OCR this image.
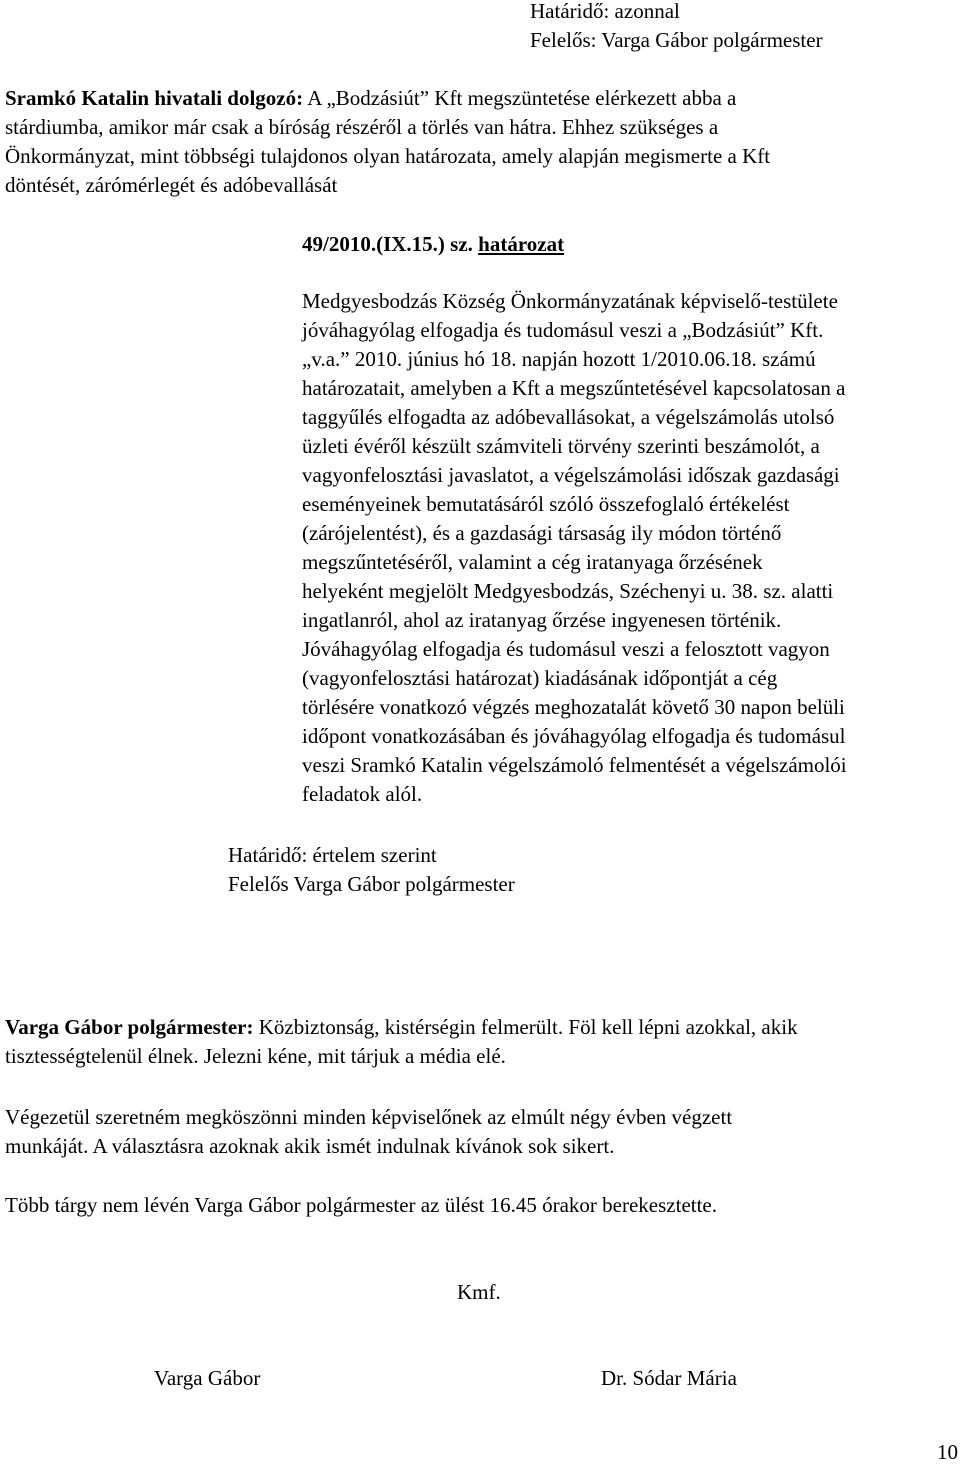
Határidő: azonnal
Felelős: Varga Gábor polgármester
Sramkó Katalin hivatali dolgozó: A „Bodzásiút” Kft megszüntetése elérkezett abba a
stárdiumba, amikor már csak a bíróság részéről a törlés van hátra. Ehhez szükséges a
Önkormányzat, mint többségi tulajdonos olyan határozata, amely alapján megismerte a Kft
döntését, zárómérlegét és adóbevallását
49/2010.(IX.15.) sz. határozat
Medgyesbodzás Község Önkormányzatának képviselő-testülete
jóváhagyólag elfogadja és tudomásul veszi a „Bodzásiút” Kft.
„v.a.” 2010. június hó 18. napján hozott 1/2010.06.18. számú
határozatait, amelyben a Kft a megszűntetésével kapcsolatosan a
taggyűlés elfogadta az adóbevallásokat, a végelszámolás utolsó
üzleti évéről készült számviteli törvény szerinti beszámolót, a
vagyonfelosztási javaslatot, a végelszámolási időszak gazdasági
eseményeinek bemutatásáról szóló összefoglaló értékelést
(zárójelentést), és a gazdasági társaság ily módon történő
megszűntetéséről, valamint a cég iratanyaga őrzésének
helyeként megjelölt Medgyesbodzás, Széchenyi u. 38. sz. alatti
ingatlanról, ahol az iratanyag őrzése ingyenesen történik.
Jóváhagyólag elfogadja és tudomásul veszi a felosztott vagyon
(vagyonfelosztási határozat) kiadásának időpontját a cég
törlésére vonatkozó végzés meghozatalát követő 30 napon belüli
időpont vonatkozásában és jóváhagyólag elfogadja és tudomásul
veszi Sramkó Katalin végelszámoló felmentését a végelszámolói
feladatok alól.
Határidő: értelem szerint
Felelős Varga Gábor polgármester
Varga Gábor polgármester: Közbiztonság, kistérségin felmerült. Föl kell lépni azokkal, akik
tisztességtelenül élnek. Jelezni kéne, mit tárjuk a média elé.
Végezetül szeretném megköszönni minden képviselőnek az elmúlt négy évben végzett
munkáját. A választásra azoknak akik ismét indulnak kívánok sok sikert.
Több tárgy nem lévén Varga Gábor polgármester az ülést 16.45 órakor berekesztette.
Kmf.
Varga Gábor	Dr. Sódar Mária
10
